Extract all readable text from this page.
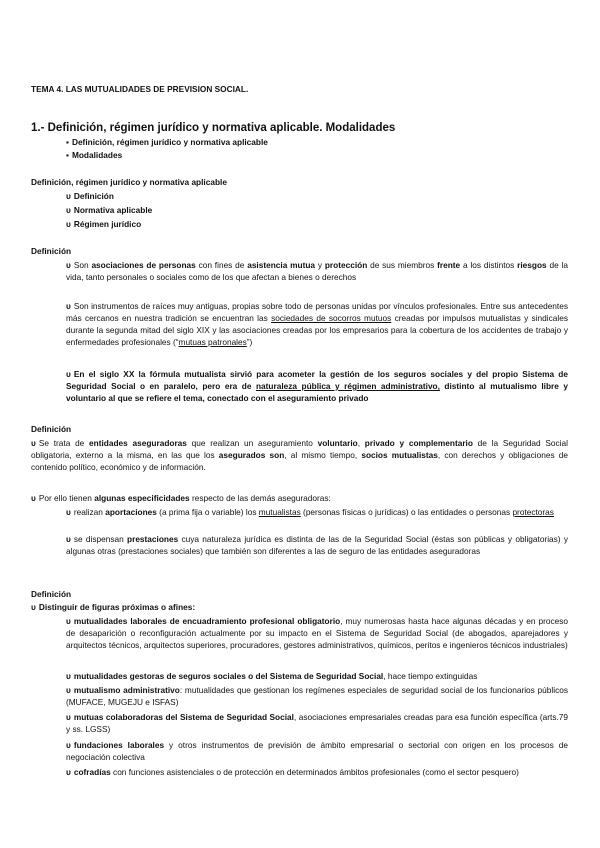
TEMA 4. LAS MUTUALIDADES DE PREVISION SOCIAL.
1.- Definición, régimen jurídico y normativa aplicable. Modalidades
▪ Definición, régimen jurídico y normativa aplicable
▪ Modalidades
Definición, régimen jurídico y normativa aplicable
υ Definición
υ Normativa aplicable
υ Régimen jurídico
Definición
υ Son asociaciones de personas con fines de asistencia mutua y protección de sus miembros frente a los distintos riesgos de la vida, tanto personales o sociales como de los que afectan a bienes o derechos
υ Son instrumentos de raíces muy antiguas, propias sobre todo de personas unidas por vínculos profesionales. Entre sus antecedentes más cercanos en nuestra tradición se encuentran las sociedades de socorros mutuos creadas por impulsos mutualistas y sindicales durante la segunda mitad del siglo XIX y las asociaciones creadas por los empresarios para la cobertura de los accidentes de trabajo y enfermedades profesionales (“mutuas patronales”)
υ En el siglo XX la fórmula mutualista sirvió para acometer la gestión de los seguros sociales y del propio Sistema de Seguridad Social o en paralelo, pero era de naturaleza pública y régimen administrativo, distinto al mutualismo libre y voluntario al que se refiere el tema, conectado con el aseguramiento privado
Definición
υ Se trata de entidades aseguradoras que realizan un aseguramiento voluntario, privado y complementario de la Seguridad Social obligatoria, externo a la misma, en las que los asegurados son, al mismo tiempo, socios mutualistas, con derechos y obligaciones de contenido político, económico y de información.
υ Por ello tienen algunas especificidades respecto de las demás aseguradoras:
υ realizan aportaciones (a prima fija o variable) los mutualistas (personas físicas o jurídicas) o las entidades o personas protectoras
υ se dispensan prestaciones cuya naturaleza jurídica es distinta de las de la Seguridad Social (éstas son públicas y obligatorias) y algunas otras (prestaciones sociales) que también son diferentes a las de seguro de las entidades aseguradoras
Definición
υ Distinguir de figuras próximas o afines:
υ mutualidades laborales de encuadramiento profesional obligatorio, muy numerosas hasta hace algunas décadas y en proceso de desaparición o reconfiguración actualmente por su impacto en el Sistema de Seguridad Social (de abogados, aparejadores y arquitectos técnicos, arquitectos superiores, procuradores, gestores administrativos, químicos, peritos e ingenieros técnicos industriales)
υ mutualidades gestoras de seguros sociales o del Sistema de Seguridad Social, hace tiempo extinguidas
υ mutualismo administrativo: mutualidades que gestionan los regímenes especiales de seguridad social de los funcionarios públicos (MUFACE, MUGEJU e ISFAS)
υ mutuas colaboradoras del Sistema de Seguridad Social, asociaciones empresariales creadas para esa función específica (arts.79 y ss. LGSS)
υ fundaciones laborales y otros instrumentos de previsión de ámbito empresarial o sectorial con origen en los procesos de negociación colectiva
υ cofradías con funciones asistenciales o de protección en determinados ámbitos profesionales (como el sector pesquero)
